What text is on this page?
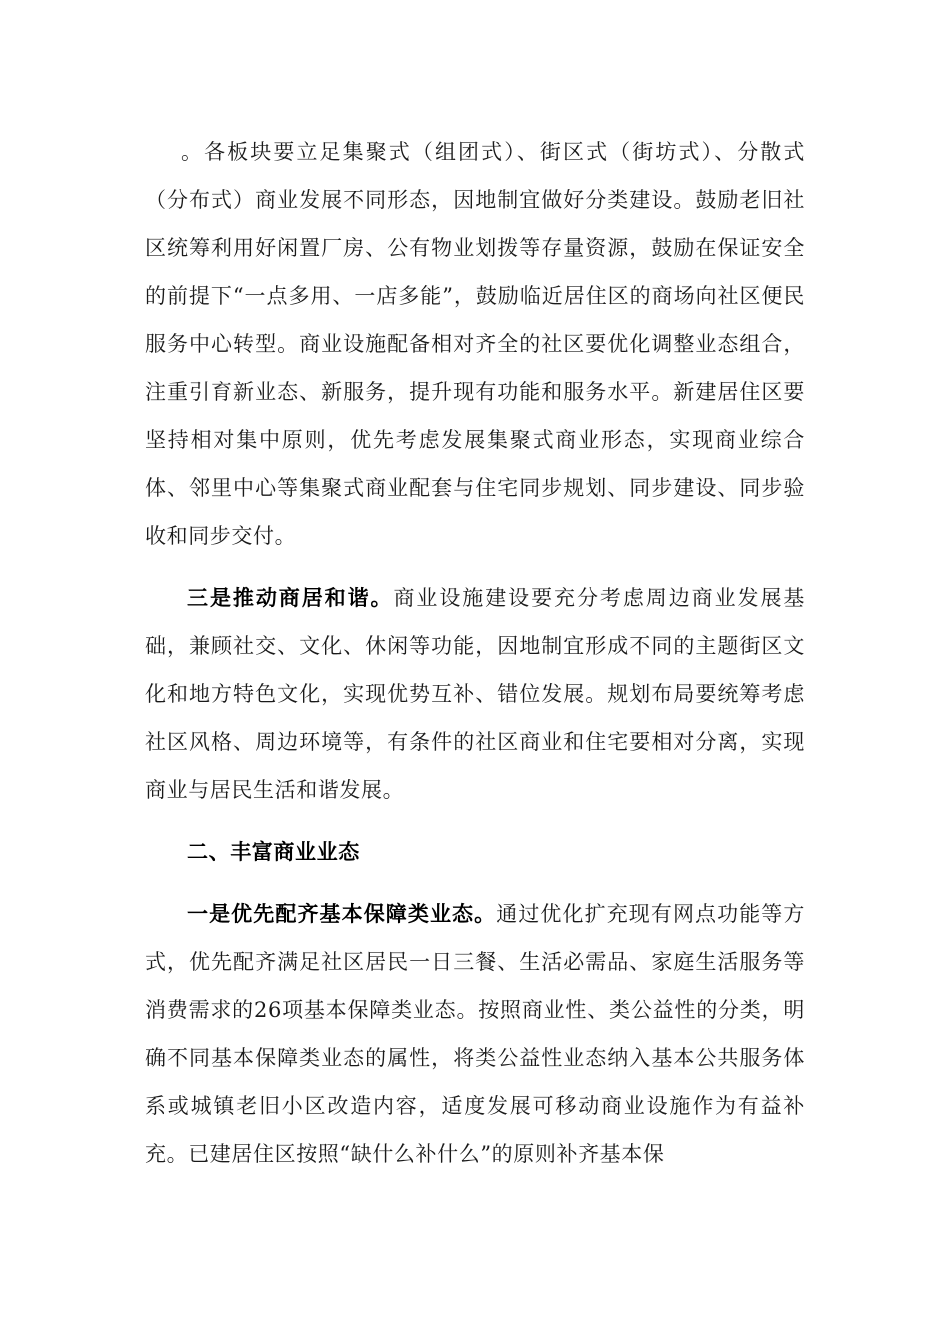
。各板块要立足集聚式（组团式）、街区式（街坊式）、分散式（分布式）商业发展不同形态，因地制宜做好分类建设。鼓励老旧社区统筹利用好闲置厂房、公有物业划拨等存量资源，鼓励在保证安全的前提下“一点多用、一店多能”，鼓励临近居住区的商场向社区便民服务中心转型。商业设施配备相对齐全的社区要优化调整业态组合，注重引育新业态、新服务，提升现有功能和服务水平。新建居住区要坚持相对集中原则，优先考虑发展集聚式商业形态，实现商业综合体、邻里中心等集聚式商业配套与住宅同步规划、同步建设、同步验收和同步交付。

三是推动商居和谐。商业设施建设要充分考虑周边商业发展基础，兼顾社交、文化、休闲等功能，因地制宜形成不同的主题街区文化和地方特色文化，实现优势互补、错位发展。规划布局要统筹考虑社区风格、周边环境等，有条件的社区商业和住宅要相对分离，实现商业与居民生活和谐发展。

二、丰富商业业态

一是优先配齐基本保障类业态。通过优化扩充现有网点功能等方式，优先配齐满足社区居民一日三餐、生活必需品、家庭生活服务等消费需求的26项基本保障类业态。按照商业性、类公益性的分类，明确不同基本保障类业态的属性，将类公益性业态纳入基本公共服务体系或城镇老旧小区改造内容，适度发展可移动商业设施作为有益补充。已建居住区按照“缺什么补什么”的原则补齐基本保
